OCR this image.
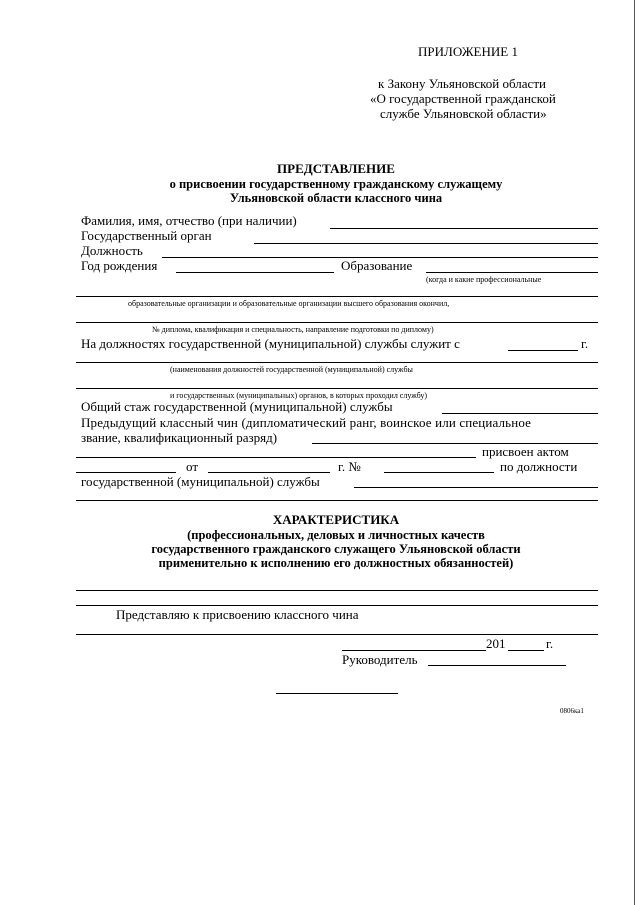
ПРИЛОЖЕНИЕ 1
к Закону Ульяновской области
«О государственной гражданской
службе Ульяновской области»
ПРЕДСТАВЛЕНИЕ
о присвоении государственному гражданскому служащему
Ульяновской области классного чина
Фамилия, имя, отчество (при наличии)
Государственный орган
Должность
Год рождения	Образование
(когда и какие профессиональные
образовательные организации и образовательные организации высшего образования окончил,
№ диплома, квалификация и специальность, направление подготовки по диплому)
На должностях государственной (муниципальной) службы служит с	г.
(наименования должностей государственной (муниципальной) службы
и государственных (муниципальных) органов, в которых проходил службу)
Общий стаж государственной (муниципальной) службы
Предыдущий классный чин (дипломатический ранг, воинское или специальное
звание, квалификационный разряд)
присвоен актом
от	г. №	по должности
государственной (муниципальной) службы
ХАРАКТЕРИСТИКА
(профессиональных, деловых и личностных качеств
государственного гражданского служащего Ульяновской области
применительно к исполнению его должностных обязанностей)
Представляю к присвоению классного чина
201	г.
Руководитель
0806ка1
